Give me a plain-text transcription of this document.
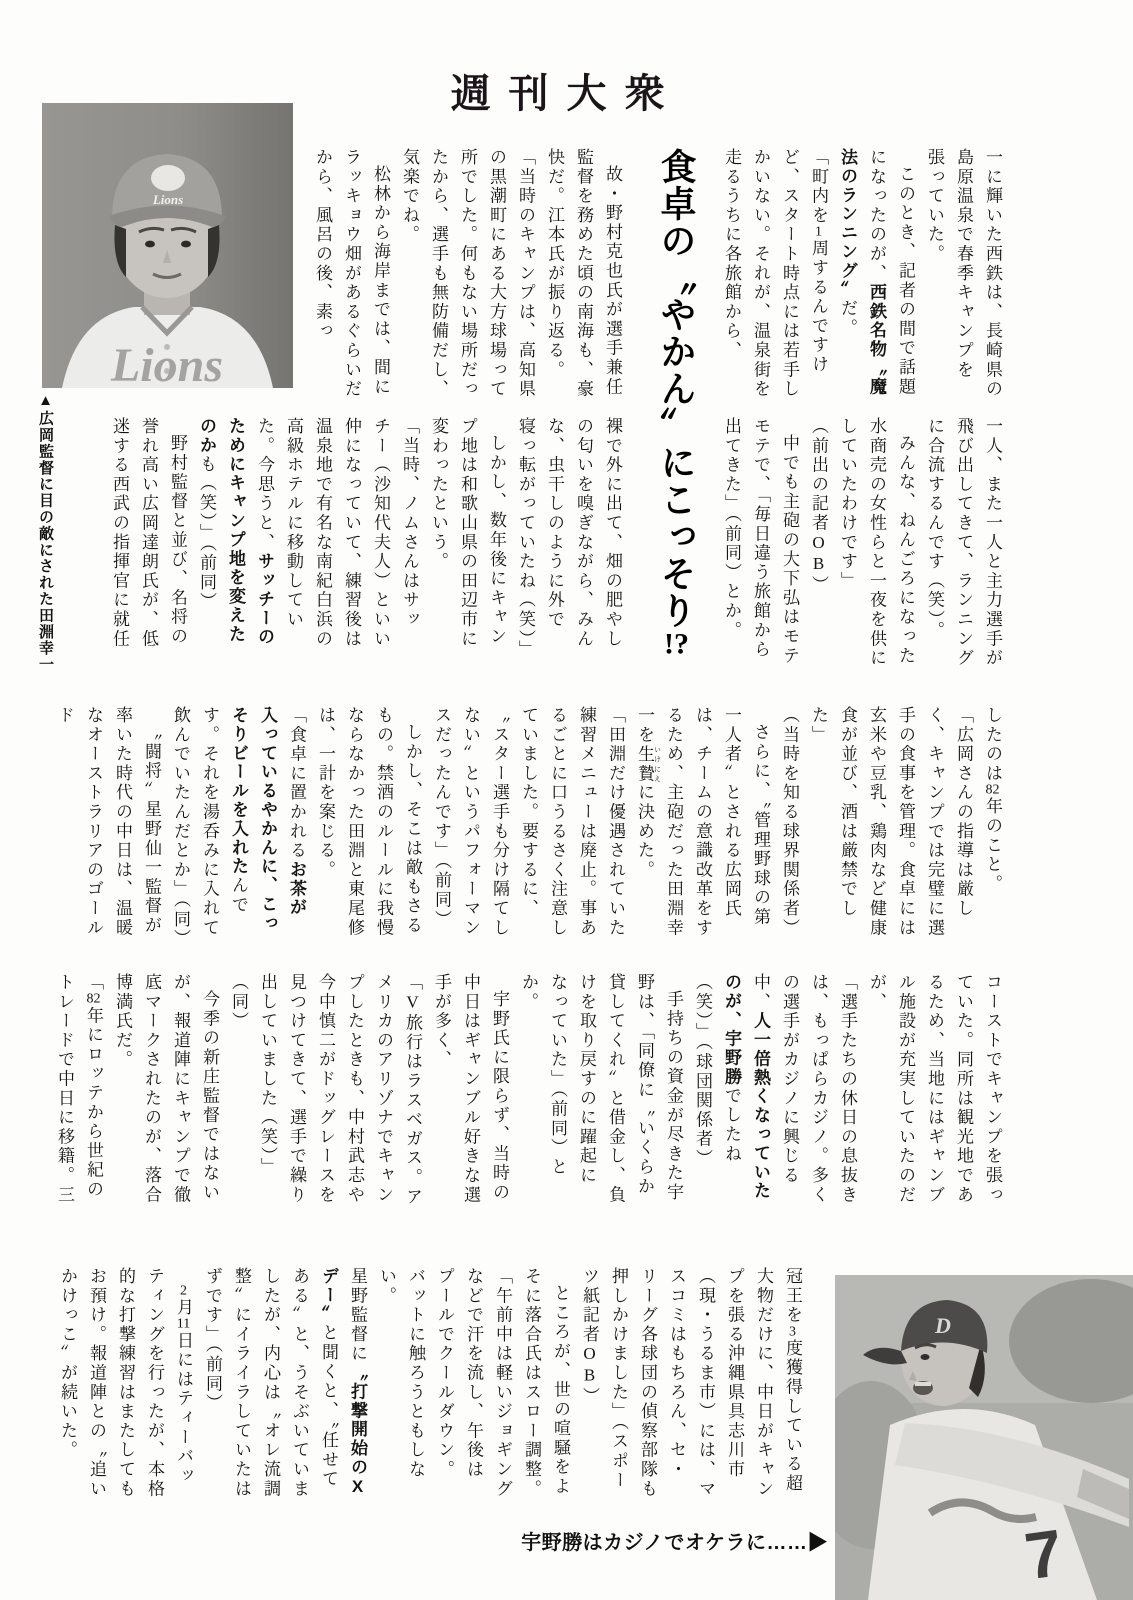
週刊大衆
Lions
Lions
▲広岡監督に目の敵にされた田淵幸一	食卓の〝やかん〟にこっそり!?

一に輝いた西鉄は、長崎県の島原温泉で春季キャンプを張っていた。

このとき、記者の間で話題になったのが、西鉄名物〝魔法のランニング〟だ。

「町内を1周するんですけど、スタート時点には若手しかいない。それが、温泉街を走るうちに各旅館から、

一人、また一人と主力選手が飛び出してきて、ランニングに合流するんです（笑）。

みんな、ねんごろになった水商売の女性らと一夜を供にしていたわけです」

（前出の記者OB）

中でも主砲の大下弘はモテモテで、「毎日違う旅館から出てきた」（前同）とか。

故・野村克也氏が選手兼任監督を務めた頃の南海も、豪快だ。江本氏が振り返る。

「当時のキャンプは、高知県の黒潮町にある大方球場って所でした。何もない場所だったから、選手も無防備だし、気楽でね。

松林から海岸までは、間にラッキョウ畑があるぐらいだから、風呂の後、素っ

裸で外に出て、畑の肥やしの匂いを嗅ぎながら、みんな、虫干しのように外で寝っ転がっていたね（笑）」

しかし、数年後にキャンプ地は和歌山県の田辺市に変わったという。

「当時、ノムさんはサッチー（沙知代夫人）といい仲になっていて、練習後は温泉地で有名な南紀白浜の高級ホテルに移動していた。今思うと、サッチーのためにキャンプ地を変えたのかも（笑）」（前同）

野村監督と並び、名将の誉れ高い広岡達朗氏が、低迷する西武の指揮官に就任

したのは82年のこと。

「広岡さんの指導は厳しく、キャンプでは完璧に選手の食事を管理。食卓には玄米や豆乳、鶏肉など健康食が並び、酒は厳禁でした」

（当時を知る球界関係者）

さらに、〝管理野球の第一人者〟とされる広岡氏は、チームの意識改革をするため、主砲だった田淵幸一を生贄 いけにえに決めた。

「田淵だけ優遇されていた練習メニューは廃止。事あるごとに口うるさく注意していました。要するに、〝スター選手も分け隔てしない〟というパフォーマンスだったんです」（前同）

しかし、そこは敵もさるもの。禁酒のルールに我慢ならなかった田淵と東尾修は、一計を案じる。

「食卓に置かれるお茶が入っているやかんに、こっそりビールを入れたんです。それを湯呑みに入れて飲んでいたんだとか」（同）

〝闘将〟星野仙一監督が率いた時代の中日は、温暖なオーストラリアのゴールド

コーストでキャンプを張っていた。同所は観光地であるため、当地にはギャンブル施設が充実していたのだが、

「選手たちの休日の息抜きは、もっぱらカジノ。多くの選手がカジノに興じる中、人一倍熱くなっていたのが、宇野勝でしたね（笑）」（球団関係者）

手持ちの資金が尽きた宇野は、「同僚に〝いくらか貸してくれ〟と借金し、負けを取り戻すのに躍起になっていた」（前同）とか。

宇野氏に限らず、当時の中日はギャンブル好きな選手が多く、

「V旅行はラスベガス。アメリカのアリゾナでキャンプしたときも、中村武志や今中慎二がドッグレースを見つけてきて、選手で繰り出していました（笑）」（同）

今季の新庄監督ではないが、報道陣にキャンプで徹底マークされたのが、落合博満氏だ。

「82年にロッテから世紀のトレードで中日に移籍。三

冠王を3度獲得している超大物だけに、中日がキャンプを張る沖縄県具志川市（現・うるま市）には、マスコミはもちろん、セ・リーグ各球団の偵察部隊も押しかけました」（スポーツ紙記者OB）

ところが、世の喧騒をよそに落合氏はスロー調整。

「午前中は軽いジョギングなどで汗を流し、午後はプールでクールダウン。バットに触ろうともしない。

星野監督に〝打撃開始のXデー〟と聞くと、〝任せてある〟と、うそぶいていましたが、内心は〝オレ流調整〟にイライラしていたはずです」（前同）

2月11日にはティーバッティングを行ったが、本格的な打撃練習はまたしてもお預け。報道陣との〝追いかけっこ〟が続いた。

宇野勝はカジノでオケラに……▶
D
7
